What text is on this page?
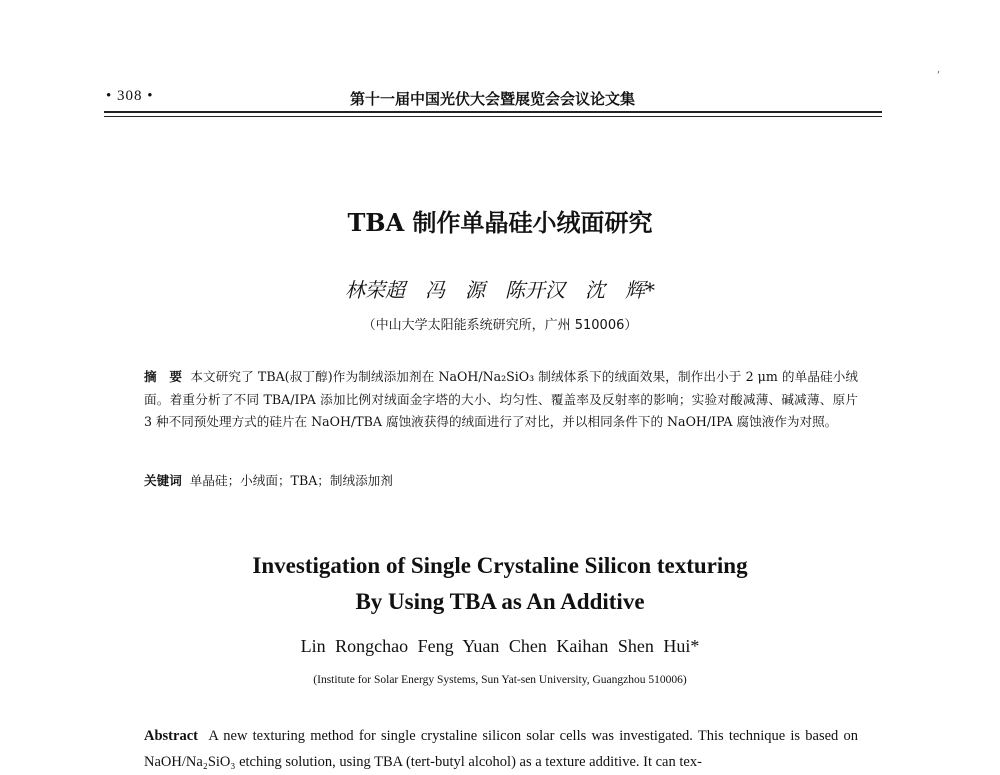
,
• 308 •	第十一届中国光伏大会暨展览会会议论文集
TBA 制作单晶硅小绒面研究
林荣超　冯　源　陈开汉　沈　辉*
（中山大学太阳能系统研究所，广州 510006）
摘　要 本文研究了 TBA(叔丁醇)作为制绒添加剂在 NaOH/Na₂SiO₃ 制绒体系下的绒面效果，制作出小于 2 μm 的单晶硅小绒面。着重分析了不同 TBA/IPA 添加比例对绒面金字塔的大小、均匀性、覆盖率及反射率的影响；实验对酸减薄、碱减薄、原片 3 种不同预处理方式的硅片在 NaOH/TBA 腐蚀液获得的绒面进行了对比，并以相同条件下的 NaOH/IPA 腐蚀液作为对照。
关键词 单晶硅；小绒面；TBA；制绒添加剂
Investigation of Single Crystaline Silicon texturing
By Using TBA as An Additive
Lin Rongchao Feng Yuan Chen Kaihan Shen Hui*
(Institute for Solar Energy Systems, Sun Yat-sen University, Guangzhou 510006)
Abstract A new texturing method for single crystaline silicon solar cells was investigated. This technique is based on NaOH/Na₂SiO₃ etching solution, using TBA (tert-butyl alcohol) as a texture additive. It can tex-
